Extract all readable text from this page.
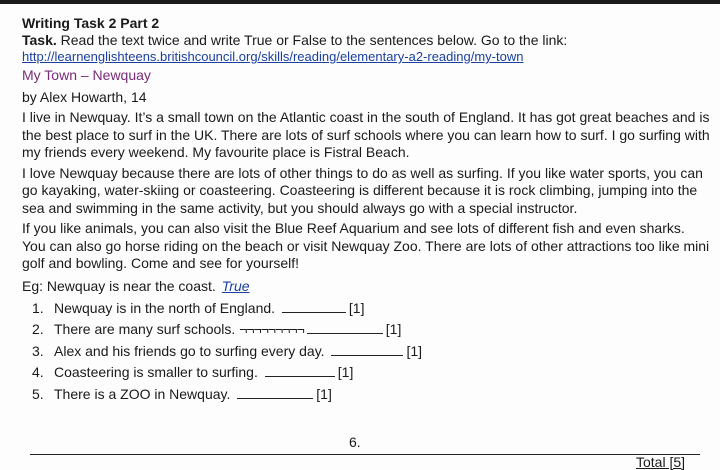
Writing Task 2 Part 2
Task. Read the text twice and write True or False to the sentences below. Go to the link:
http://learnenglishteens.britishcouncil.org/skills/reading/elementary-a2-reading/my-town
My Town – Newquay
by Alex Howarth, 14
I live in Newquay. It’s a small town on the Atlantic coast in the south of England. It has got great beaches and is the best place to surf in the UK. There are lots of surf schools where you can learn how to surf. I go surfing with my friends every weekend. My favourite place is Fistral Beach.
I love Newquay because there are lots of other things to do as well as surfing. If you like water sports, you can go kayaking, water-skiing or coasteering. Coasteering is different because it is rock climbing, jumping into the sea and swimming in the same activity, but you should always go with a special instructor.
If you like animals, you can also visit the Blue Reef Aquarium and see lots of different fish and even sharks. You can also go horse riding on the beach or visit Newquay Zoo. There are lots of other attractions too like mini golf and bowling. Come and see for yourself!
Eg: Newquay is near the coast. True
1. Newquay is in the north of England.	[1]
2. There are many surf schools. ¬¬¬¬¬¬¬¬¬	[1]
3. Alex and his friends go to surfing every day.	[1]
4. Coasteering is smaller to surfing.	[1]
5. There is a ZOO in Newquay.	[1]
6.
Total [5]
